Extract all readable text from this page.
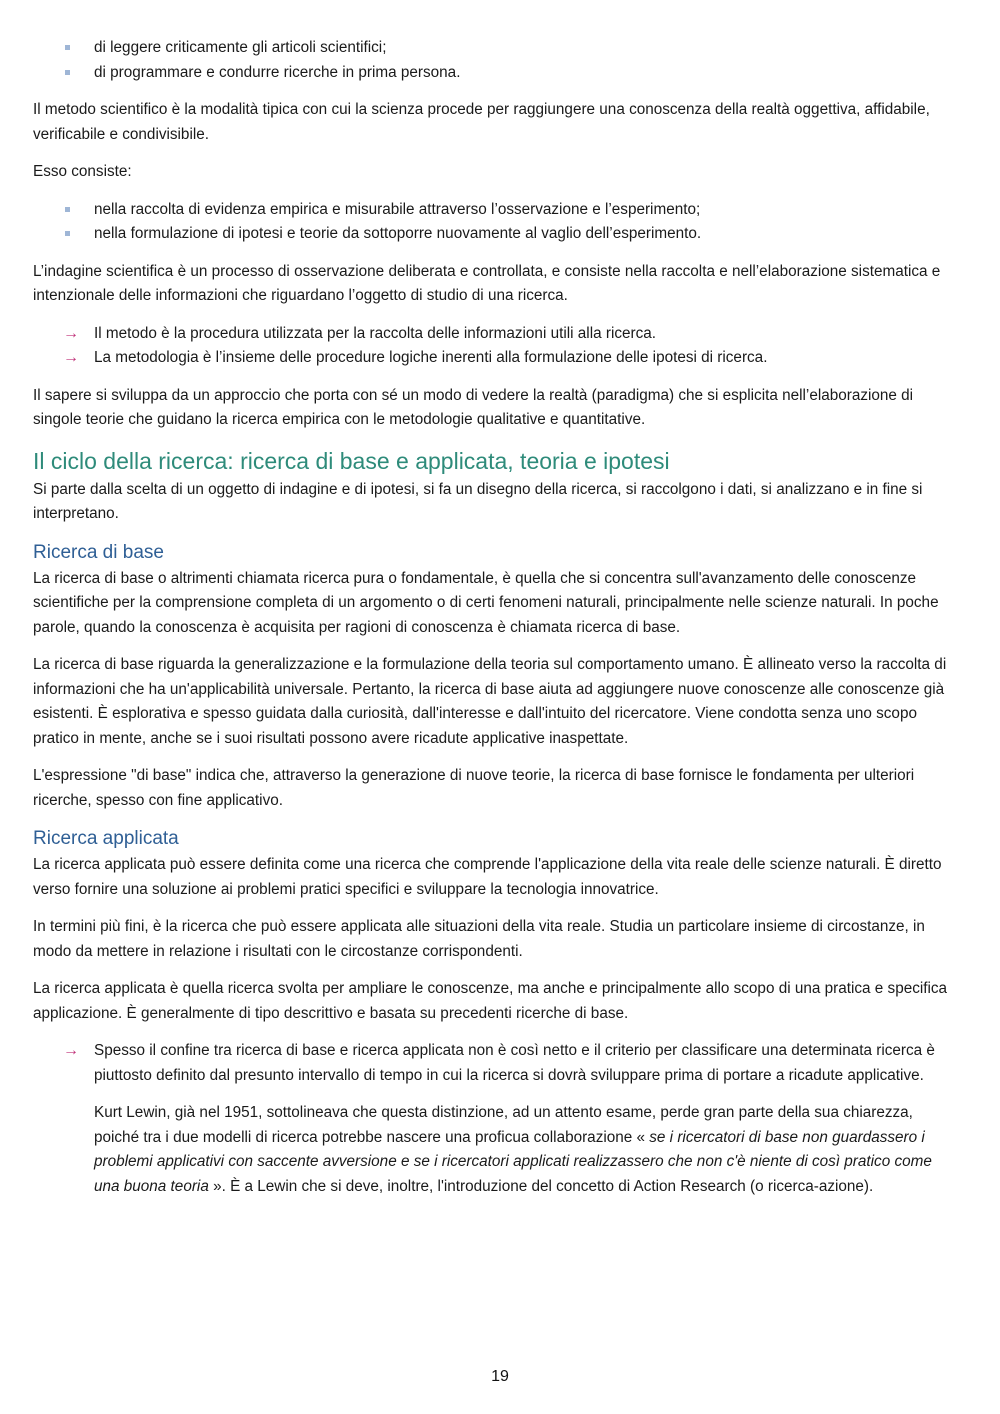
di leggere criticamente gli articoli scientifici;
di programmare e condurre ricerche in prima persona.

Il metodo scientifico è la modalità tipica con cui la scienza procede per raggiungere una conoscenza della realtà oggettiva, affidabile, verificabile e condivisibile.

Esso consiste:

nella raccolta di evidenza empirica e misurabile attraverso l’osservazione e l’esperimento;
nella formulazione di ipotesi e teorie da sottoporre nuovamente al vaglio dell’esperimento.

L’indagine scientifica è un processo di osservazione deliberata e controllata, e consiste nella raccolta e nell’elaborazione sistematica e intenzionale delle informazioni che riguardano l’oggetto di studio di una ricerca.

→ Il metodo è la procedura utilizzata per la raccolta delle informazioni utili alla ricerca.
→ La metodologia è l’insieme delle procedure logiche inerenti alla formulazione delle ipotesi di ricerca.

Il sapere si sviluppa da un approccio che porta con sé un modo di vedere la realtà (paradigma) che si esplicita nell’elaborazione di singole teorie che guidano la ricerca empirica con le metodologie qualitative e quantitative.

Il ciclo della ricerca: ricerca di base e applicata, teoria e ipotesi

Si parte dalla scelta di un oggetto di indagine e di ipotesi, si fa un disegno della ricerca, si raccolgono i dati, si analizzano e in fine si interpretano.

Ricerca di base

La ricerca di base o altrimenti chiamata ricerca pura o fondamentale, è quella che si concentra sull'avanzamento delle conoscenze scientifiche per la comprensione completa di un argomento o di certi fenomeni naturali, principalmente nelle scienze naturali. In poche parole, quando la conoscenza è acquisita per ragioni di conoscenza è chiamata ricerca di base.

La ricerca di base riguarda la generalizzazione e la formulazione della teoria sul comportamento umano. È allineato verso la raccolta di informazioni che ha un'applicabilità universale. Pertanto, la ricerca di base aiuta ad aggiungere nuove conoscenze alle conoscenze già esistenti. È esplorativa e spesso guidata dalla curiosità, dall'interesse e dall'intuito del ricercatore. Viene condotta senza uno scopo pratico in mente, anche se i suoi risultati possono avere ricadute applicative inaspettate.

L'espressione "di base" indica che, attraverso la generazione di nuove teorie, la ricerca di base fornisce le fondamenta per ulteriori ricerche, spesso con fine applicativo.

Ricerca applicata

La ricerca applicata può essere definita come una ricerca che comprende l'applicazione della vita reale delle scienze naturali. È diretto verso fornire una soluzione ai problemi pratici specifici e sviluppare la tecnologia innovatrice.

In termini più fini, è la ricerca che può essere applicata alle situazioni della vita reale. Studia un particolare insieme di circostanze, in modo da mettere in relazione i risultati con le circostanze corrispondenti.

La ricerca applicata è quella ricerca svolta per ampliare le conoscenze, ma anche e principalmente allo scopo di una pratica e specifica applicazione. È generalmente di tipo descrittivo e basata su precedenti ricerche di base.

→ Spesso il confine tra ricerca di base e ricerca applicata non è così netto e il criterio per classificare una determinata ricerca è piuttosto definito dal presunto intervallo di tempo in cui la ricerca si dovrà sviluppare prima di portare a ricadute applicative.

Kurt Lewin, già nel 1951, sottolineava che questa distinzione, ad un attento esame, perde gran parte della sua chiarezza, poiché tra i due modelli di ricerca potrebbe nascere una proficua collaborazione « se i ricercatori di base non guardassero i problemi applicativi con saccente avversione e se i ricercatori applicati realizzassero che non c'è niente di così pratico come una buona teoria ». È a Lewin che si deve, inoltre, l'introduzione del concetto di Action Research (o ricerca-azione).

19
